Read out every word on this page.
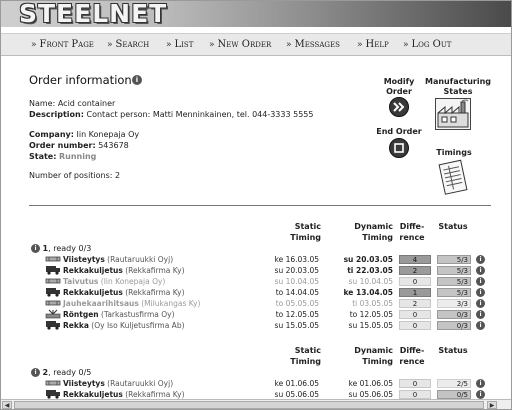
STEELNET
» Front Page » Search » List » New Order » Messages » Help » Log Out
Order information i
Name: Acid container
Description: Contact person: Matti Menninkainen, tel. 044-3333 5555
Company: Iin Konepaja Oy
Order number: 543678
State: Running
Number of positions: 2
Modify Order
End Order
Manufacturing States
Timings
Static Timing
Dynamic Timing
Diffe- rence
Status
i 1, ready 0/3
Viisteytys (Rautaruukki Oyj)	ke 16.03.05	su 20.03.05	4	5/3	i
Rekkakuljetus (Rekkafirma Ky)	su 20.03.05	ti 22.03.05	2	5/3	i
Taivutus (Iin Konepaja Oy)	su 10.04.05	su 10.04.05	0	5/3	i
Rekkakuljetus (Rekkafirma Ky)	to 14.04.05	ke 13.04.05	1	5/3	i
Jauhekaarihitsaus (Milukangas Ky)	to 05.05.05	ti 03.05.05	2	3/3	i
Röntgen (Tarkastusfirma Oy)	to 12.05.05	to 12.05.05	0	0/3	i
Rekka (Oy Iso Kuljetusfirma Ab)	su 15.05.05	su 15.05.05	0	0/3	i
Static Timing
Dynamic Timing
Diffe- rence
Status
i 2, ready 0/5
Viisteytys (Rautaruukki Oyj)	ke 01.06.05	ke 01.06.05	0	2/5	i
Rekkakuljetus (Rekkafirma Ky)	su 05.06.05	su 05.06.05	0	0/5	i
◀	▶
